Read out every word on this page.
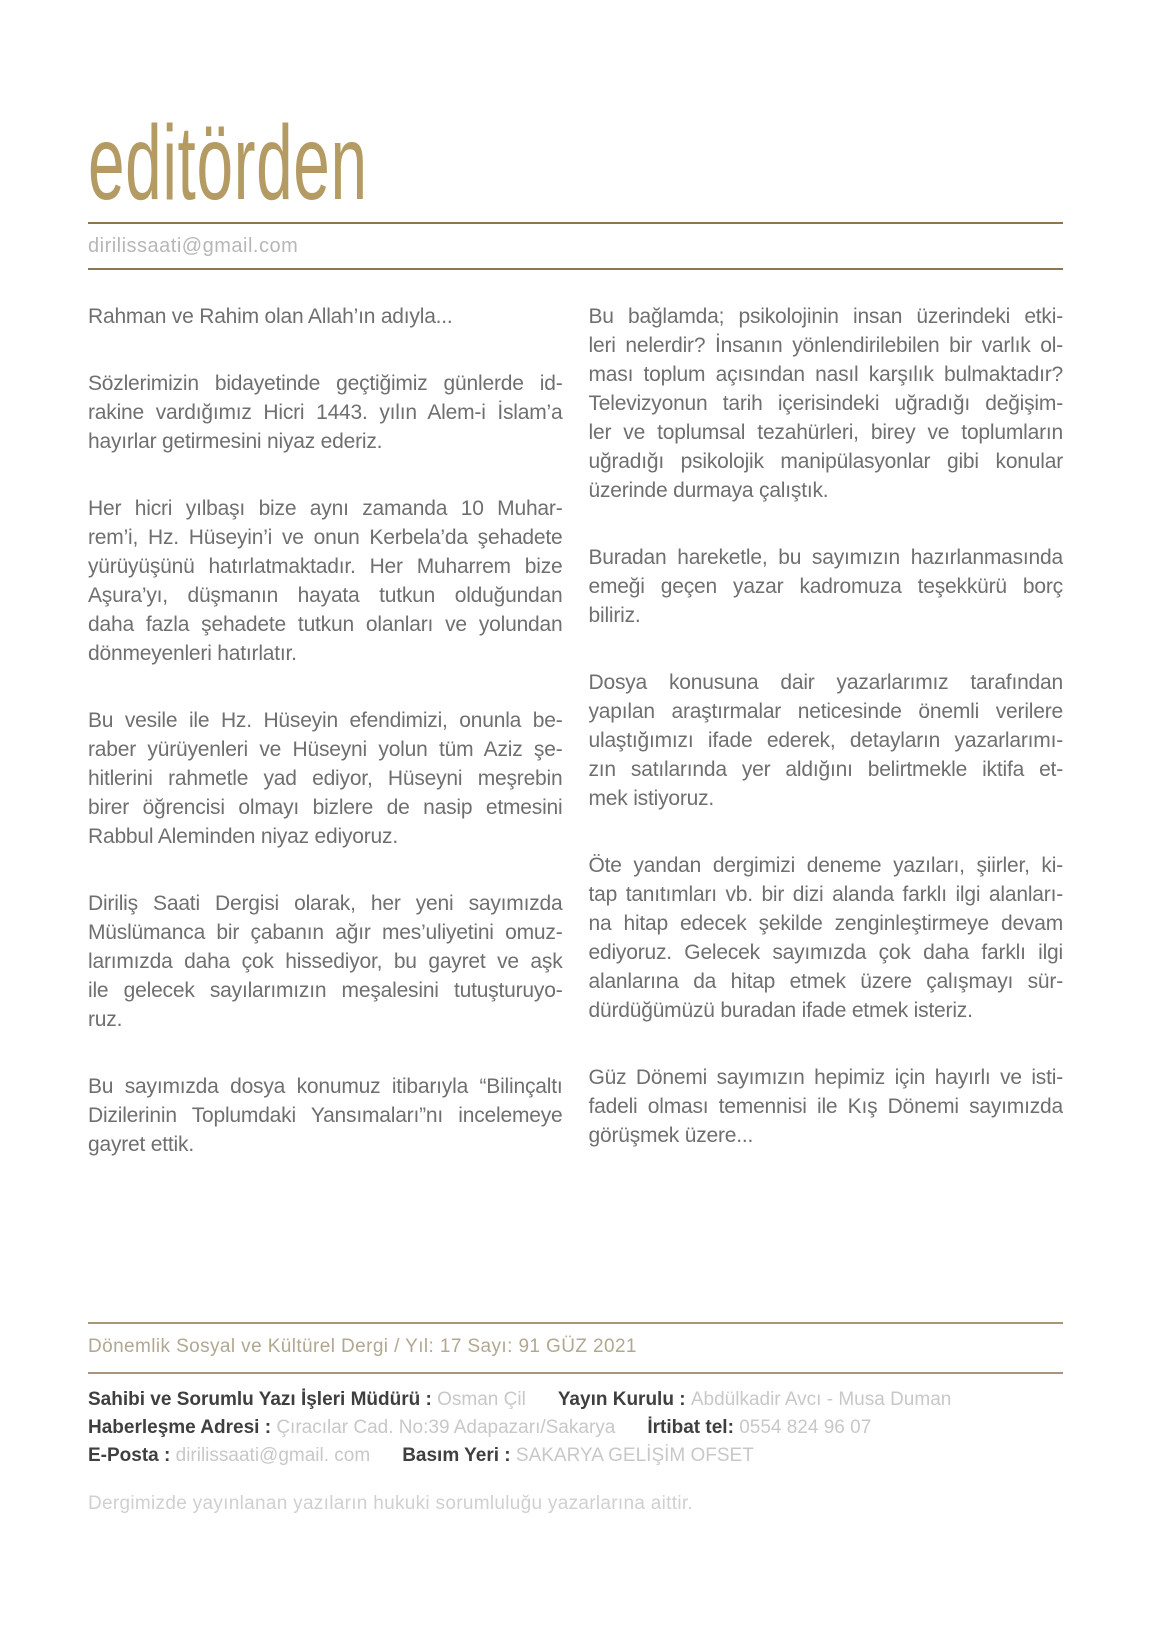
editörden
dirilissaati@gmail.com
Rahman ve Rahim olan Allah’ın adıyla...
Sözlerimizin bidayetinde geçtiğimiz günlerde id-
rakine vardığımız Hicri 1443. yılın Alem-i İslam’a
hayırlar getirmesini niyaz ederiz.
Her hicri yılbaşı bize aynı zamanda 10 Muhar-
rem’i, Hz. Hüseyin’i ve onun Kerbela’da şehadete
yürüyüşünü hatırlatmaktadır. Her Muharrem bize
Aşura’yı, düşmanın hayata tutkun olduğundan
daha fazla şehadete tutkun olanları ve yolundan
dönmeyenleri hatırlatır.
Bu vesile ile Hz. Hüseyin efendimizi, onunla be-
raber yürüyenleri ve Hüseyni yolun tüm Aziz şe-
hitlerini rahmetle yad ediyor, Hüseyni meşrebin
birer öğrencisi olmayı bizlere de nasip etmesini
Rabbul Aleminden niyaz ediyoruz.
Diriliş Saati Dergisi olarak, her yeni sayımızda
Müslümanca bir çabanın ağır mes’uliyetini omuz-
larımızda daha çok hissediyor, bu gayret ve aşk
ile gelecek sayılarımızın meşalesini tutuşturuyo-
ruz.
Bu sayımızda dosya konumuz itibarıyla “Bilinçaltı
Dizilerinin Toplumdaki Yansımaları”nı incelemeye
gayret ettik.
Bu bağlamda; psikolojinin insan üzerindeki etki-
leri nelerdir? İnsanın yönlendirilebilen bir varlık ol-
ması toplum açısından nasıl karşılık bulmaktadır?
Televizyonun tarih içerisindeki uğradığı değişim-
ler ve toplumsal tezahürleri, birey ve toplumların
uğradığı psikolojik manipülasyonlar gibi konular
üzerinde durmaya çalıştık.
Buradan hareketle, bu sayımızın hazırlanmasında
emeği geçen yazar kadromuza teşekkürü borç
biliriz.
Dosya konusuna dair yazarlarımız tarafından
yapılan araştırmalar neticesinde önemli verilere
ulaştığımızı ifade ederek, detayların yazarlarımı-
zın satılarında yer aldığını belirtmekle iktifa et-
mek istiyoruz.
Öte yandan dergimizi deneme yazıları, şiirler, ki-
tap tanıtımları vb. bir dizi alanda farklı ilgi alanları-
na hitap edecek şekilde zenginleştirmeye devam
ediyoruz. Gelecek sayımızda çok daha farklı ilgi
alanlarına da hitap etmek üzere çalışmayı sür-
dürdüğümüzü buradan ifade etmek isteriz.
Güz Dönemi sayımızın hepimiz için hayırlı ve isti-
fadeli olması temennisi ile Kış Dönemi sayımızda
görüşmek üzere...
Dönemlik Sosyal ve Kültürel Dergi / Yıl: 17 Sayı: 91 GÜZ 2021
Sahibi ve Sorumlu Yazı İşleri Müdürü : Osman Çil Yayın Kurulu : Abdülkadir Avcı - Musa Duman
Haberleşme Adresi : Çıracılar Cad. No:39 Adapazarı/Sakarya İrtibat tel: 0554 824 96 07
E-Posta : dirilissaati@gmail. com Basım Yeri : SAKARYA GELİŞİM OFSET
Dergimizde yayınlanan yazıların hukuki sorumluluğu yazarlarına aittir.
